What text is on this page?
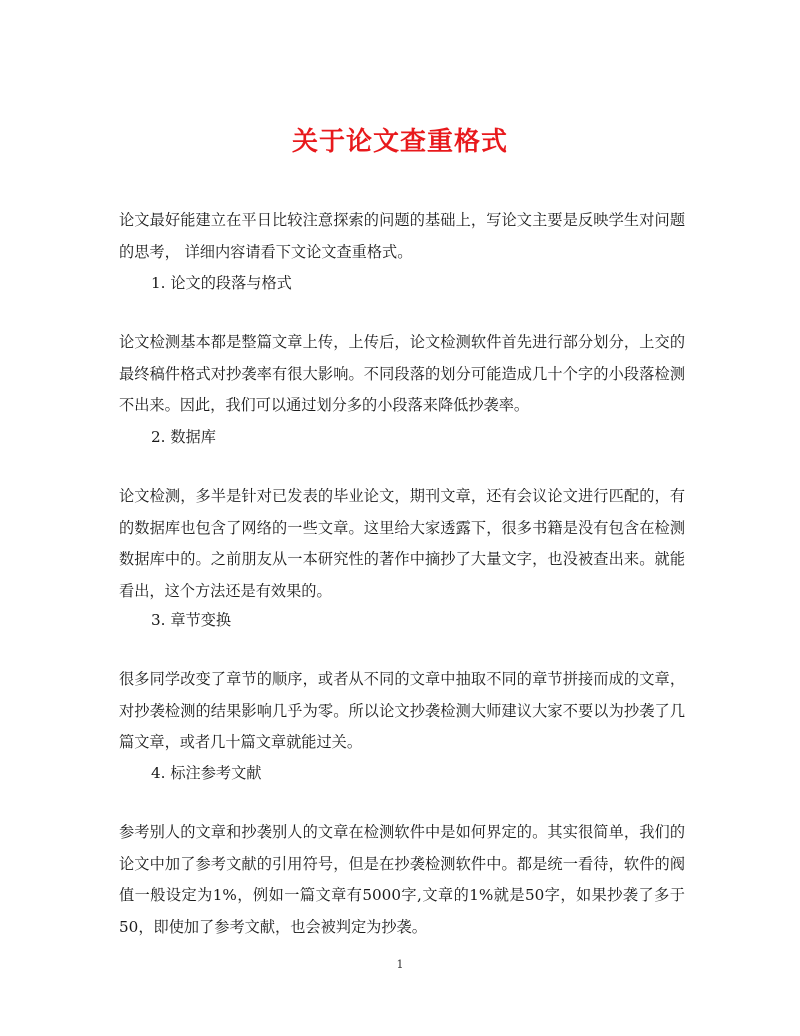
关于论文查重格式

论文最好能建立在平日比较注意探索的问题的基础上，写论文主要是反映学生对问题的思考， 详细内容请看下文论文查重格式。

1. 论文的段落与格式

论文检测基本都是整篇文章上传，上传后，论文检测软件首先进行部分划分，上交的最终稿件格式对抄袭率有很大影响。不同段落的划分可能造成几十个字的小段落检测不出来。因此，我们可以通过划分多的小段落来降低抄袭率。

2. 数据库

论文检测，多半是针对已发表的毕业论文，期刊文章，还有会议论文进行匹配的，有的数据库也包含了网络的一些文章。这里给大家透露下，很多书籍是没有包含在检测数据库中的。之前朋友从一本研究性的著作中摘抄了大量文字，也没被查出来。就能看出，这个方法还是有效果的。

3. 章节变换

很多同学改变了章节的顺序，或者从不同的文章中抽取不同的章节拼接而成的文章，对抄袭检测的结果影响几乎为零。所以论文抄袭检测大师建议大家不要以为抄袭了几篇文章，或者几十篇文章就能过关。

4. 标注参考文献

参考别人的文章和抄袭别人的文章在检测软件中是如何界定的。其实很简单，我们的论文中加了参考文献的引用符号，但是在抄袭检测软件中。都是统一看待，软件的阀值一般设定为1%，例如一篇文章有5000字,文章的1%就是50字，如果抄袭了多于50，即使加了参考文献，也会被判定为抄袭。

1
